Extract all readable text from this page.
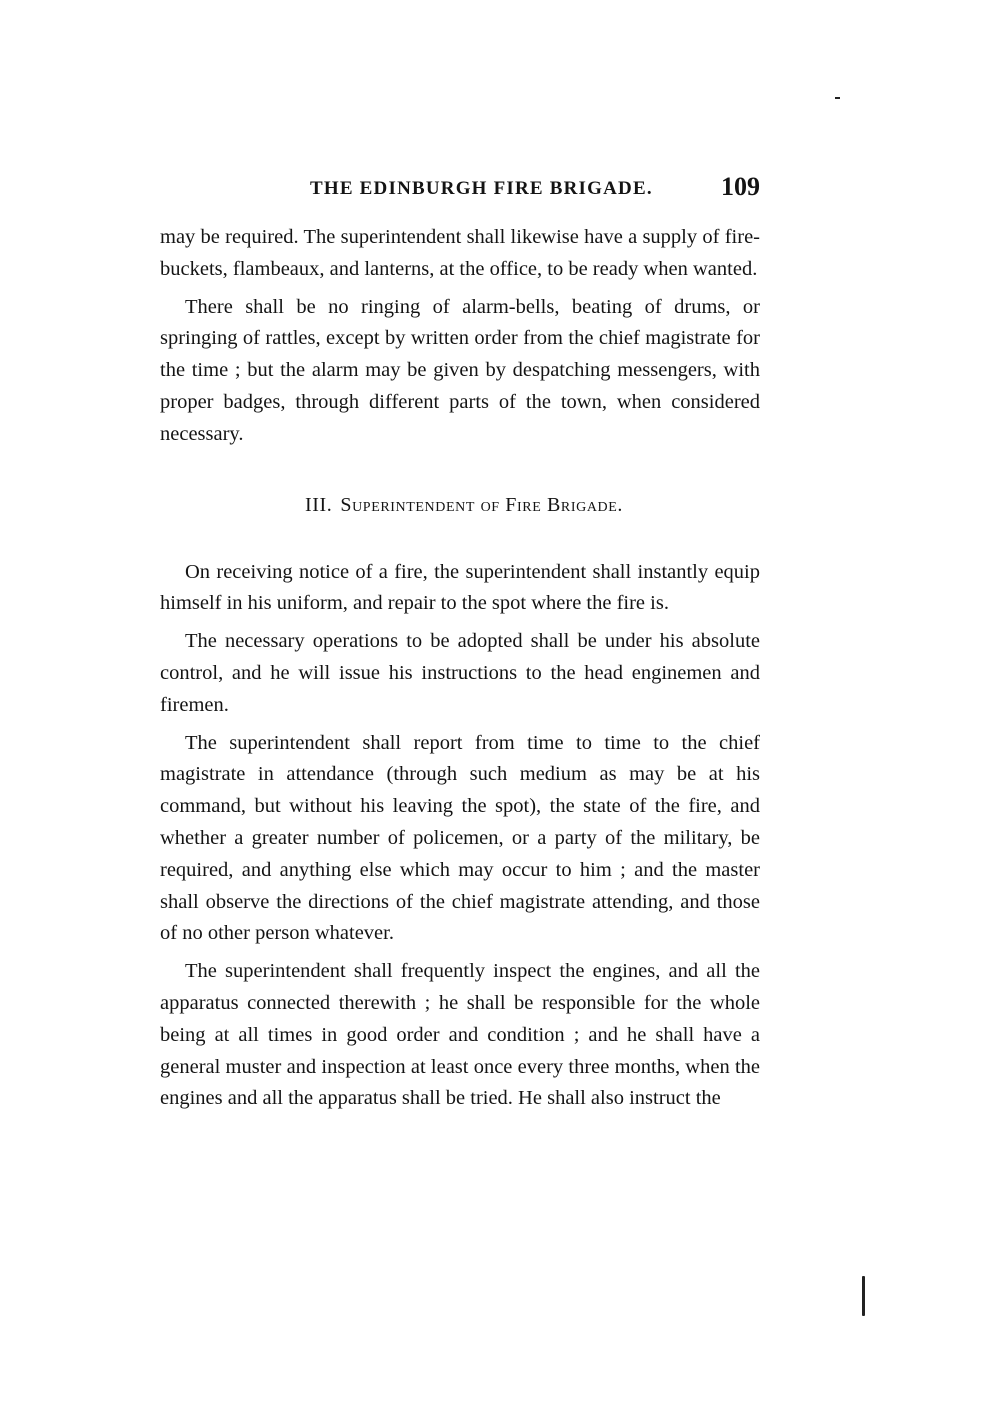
THE EDINBURGH FIRE BRIGADE.	109

may be required. The superintendent shall likewise have a supply of fire-buckets, flambeaux, and lanterns, at the office, to be ready when wanted.

There shall be no ringing of alarm-bells, beating of drums, or springing of rattles, except by written order from the chief magistrate for the time ; but the alarm may be given by despatching messengers, with proper badges, through different parts of the town, when considered necessary.

III. Superintendent of Fire Brigade.

On receiving notice of a fire, the superintendent shall instantly equip himself in his uniform, and repair to the spot where the fire is.

The necessary operations to be adopted shall be under his absolute control, and he will issue his instructions to the head enginemen and firemen.

The superintendent shall report from time to time to the chief magistrate in attendance (through such medium as may be at his command, but without his leaving the spot), the state of the fire, and whether a greater number of policemen, or a party of the military, be required, and anything else which may occur to him ; and the master shall observe the directions of the chief magistrate attending, and those of no other person whatever.

The superintendent shall frequently inspect the engines, and all the apparatus connected therewith ; he shall be responsible for the whole being at all times in good order and condition ; and he shall have a general muster and inspection at least once every three months, when the engines and all the apparatus shall be tried. He shall also instruct the
